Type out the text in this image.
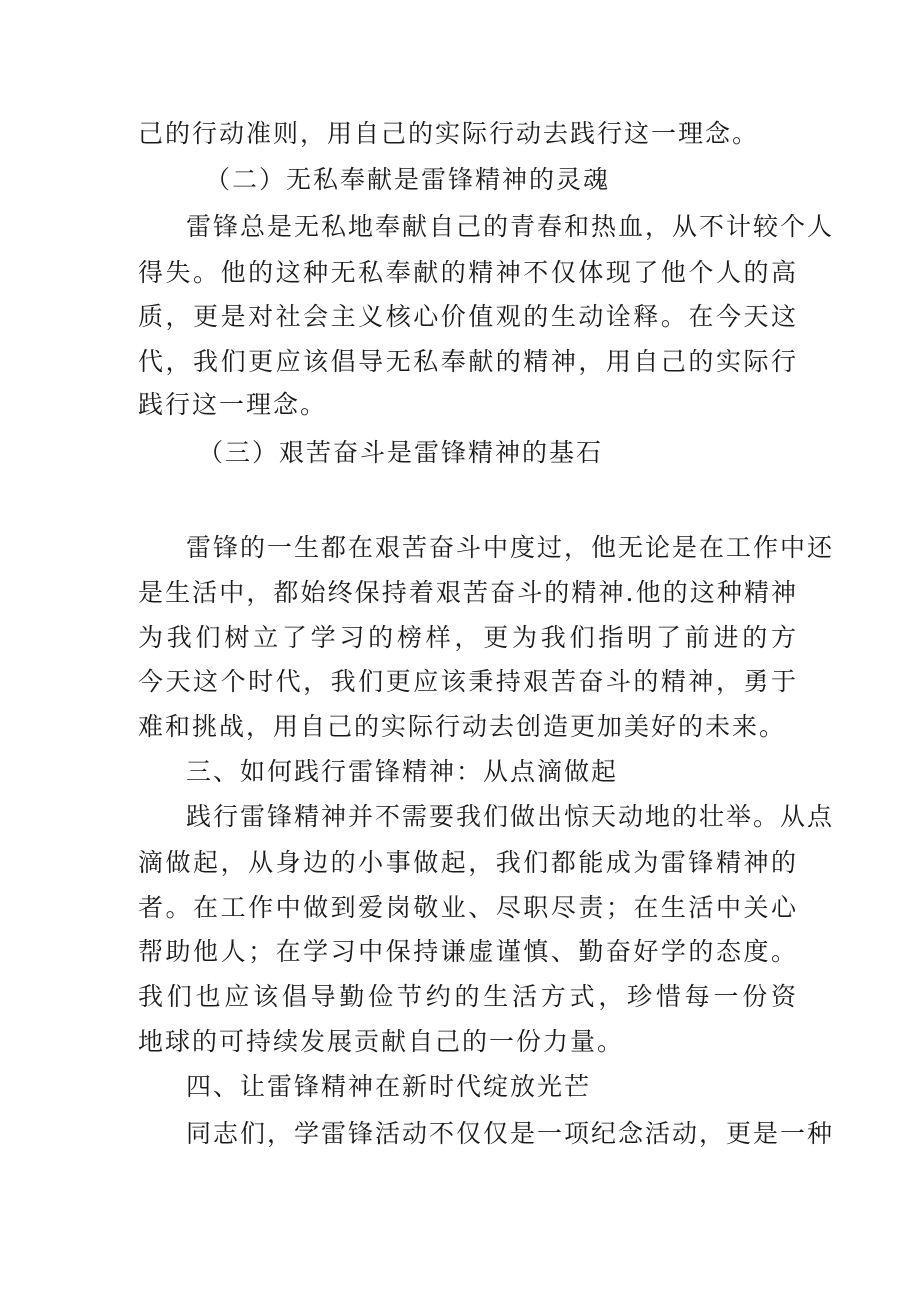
己的行动准则，用自己的实际行动去践行这一理念。
（二）无私奉献是雷锋精神的灵魂
雷锋总是无私地奉献自己的青春和热血，从不计较个人
得失。他的这种无私奉献的精神不仅体现了他个人的高
质，更是对社会主义核心价值观的生动诠释。在今天这
代，我们更应该倡导无私奉献的精神，用自己的实际行
践行这一理念。
（三）艰苦奋斗是雷锋精神的基石
雷锋的一生都在艰苦奋斗中度过，他无论是在工作中还
是生活中，都始终保持着艰苦奋斗的精神.他的这种精神
为我们树立了学习的榜样，更为我们指明了前进的方
今天这个时代，我们更应该秉持艰苦奋斗的精神，勇于
难和挑战，用自己的实际行动去创造更加美好的未来。
三、如何践行雷锋精神：从点滴做起
践行雷锋精神并不需要我们做出惊天动地的壮举。从点
滴做起，从身边的小事做起，我们都能成为雷锋精神的
者。在工作中做到爱岗敬业、尽职尽责；在生活中关心
帮助他人；在学习中保持谦虚谨慎、勤奋好学的态度。
我们也应该倡导勤俭节约的生活方式，珍惜每一份资
地球的可持续发展贡献自己的一份力量。
四、让雷锋精神在新时代绽放光芒
同志们，学雷锋活动不仅仅是一项纪念活动，更是一种
